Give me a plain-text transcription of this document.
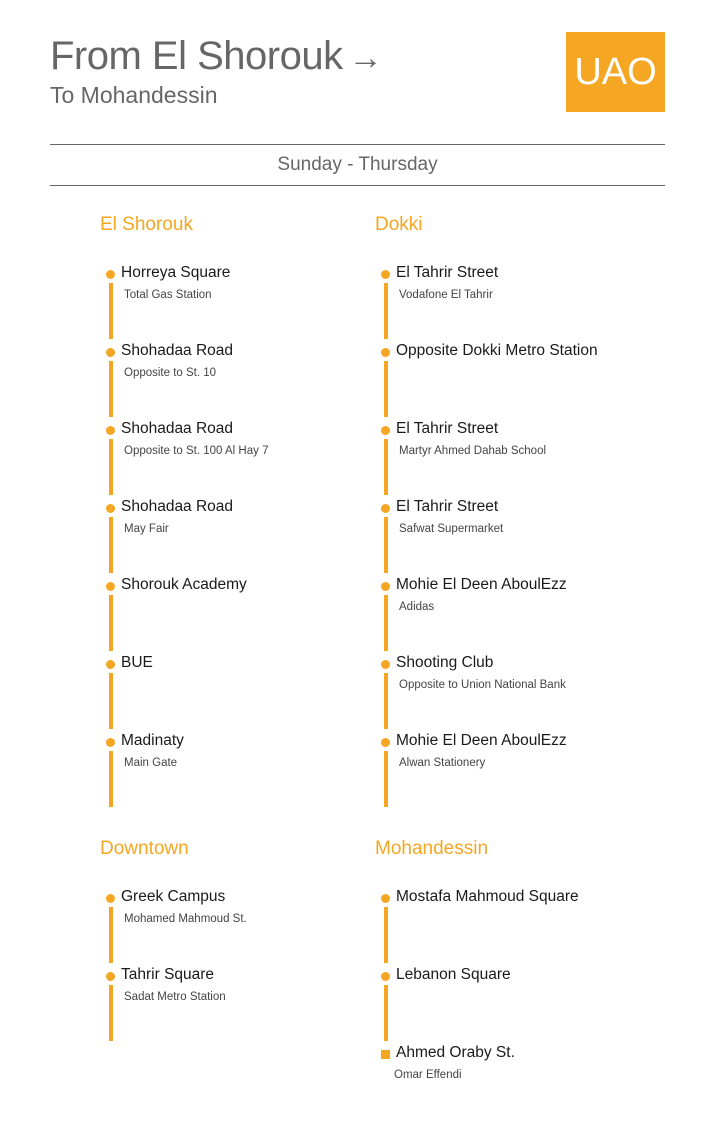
From El Shorouk →
To Mohandessin
UAO
Sunday - Thursday
El Shorouk
Horreya Square
Total Gas Station
Shohadaa Road
Opposite to St. 10
Shohadaa Road
Opposite to St. 100 Al Hay 7
Shohadaa Road
May Fair
Shorouk Academy
BUE
Madinaty
Main Gate
Dokki
El Tahrir Street
Vodafone El Tahrir
Opposite Dokki Metro Station
El Tahrir Street
Martyr Ahmed Dahab School
El Tahrir Street
Safwat Supermarket
Mohie El Deen AboulEzz
Adidas
Shooting Club
Opposite to Union National Bank
Mohie El Deen AboulEzz
Alwan Stationery
Downtown
Greek Campus
Mohamed Mahmoud St.
Tahrir Square
Sadat Metro Station
Mohandessin
Mostafa Mahmoud Square
Lebanon Square
Ahmed Oraby St.
Omar Effendi
